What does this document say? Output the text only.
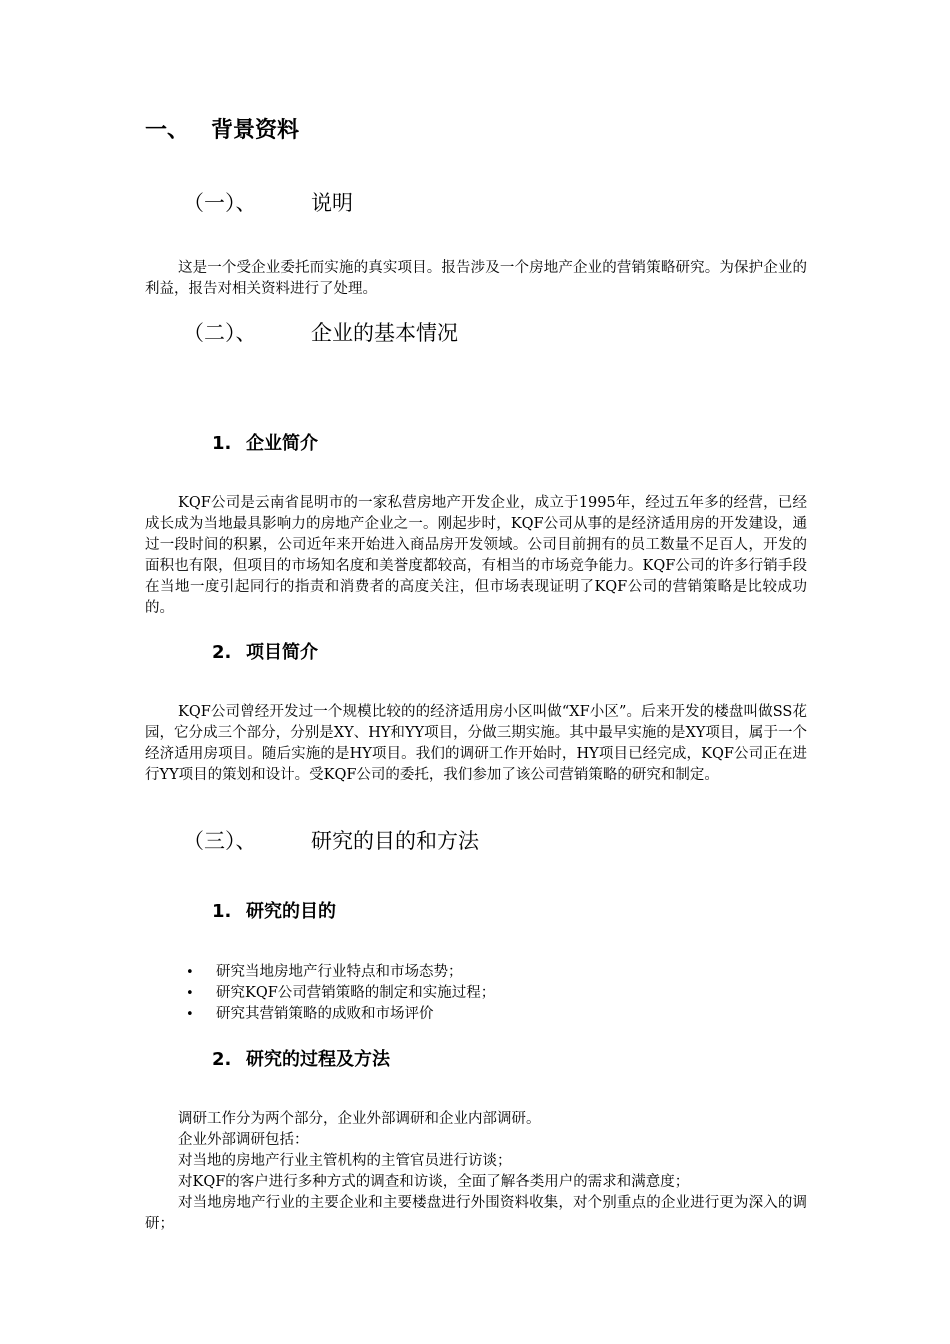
一、 背景资料
（一）、	说明
这是一个受企业委托而实施的真实项目。报告涉及一个房地产企业的营销策略研究。为保护企业的利益，报告对相关资料进行了处理。
（二）、	企业的基本情况
1. 企业简介
KQF公司是云南省昆明市的一家私营房地产开发企业，成立于1995年，经过五年多的经营，已经成长成为当地最具影响力的房地产企业之一。刚起步时，KQF公司从事的是经济适用房的开发建设，通过一段时间的积累，公司近年来开始进入商品房开发领域。公司目前拥有的员工数量不足百人，开发的面积也有限，但项目的市场知名度和美誉度都较高，有相当的市场竞争能力。KQF公司的许多行销手段在当地一度引起同行的指责和消费者的高度关注，但市场表现证明了KQF公司的营销策略是比较成功的。
2. 项目简介
KQF公司曾经开发过一个规模比较的的经济适用房小区叫做“XF小区”。后来开发的楼盘叫做SS花园，它分成三个部分，分别是XY、HY和YY项目，分做三期实施。其中最早实施的是XY项目，属于一个经济适用房项目。随后实施的是HY项目。我们的调研工作开始时，HY项目已经完成，KQF公司正在进行YY项目的策划和设计。受KQF公司的委托，我们参加了该公司营销策略的研究和制定。
（三）、	研究的目的和方法
1. 研究的目的
• 研究当地房地产行业特点和市场态势；
• 研究KQF公司营销策略的制定和实施过程；
• 研究其营销策略的成败和市场评价
2. 研究的过程及方法
调研工作分为两个部分，企业外部调研和企业内部调研。
企业外部调研包括：
对当地的房地产行业主管机构的主管官员进行访谈；
对KQF的客户进行多种方式的调查和访谈，全面了解各类用户的需求和满意度；
对当地房地产行业的主要企业和主要楼盘进行外围资料收集，对个别重点的企业进行更为深入的调研；
